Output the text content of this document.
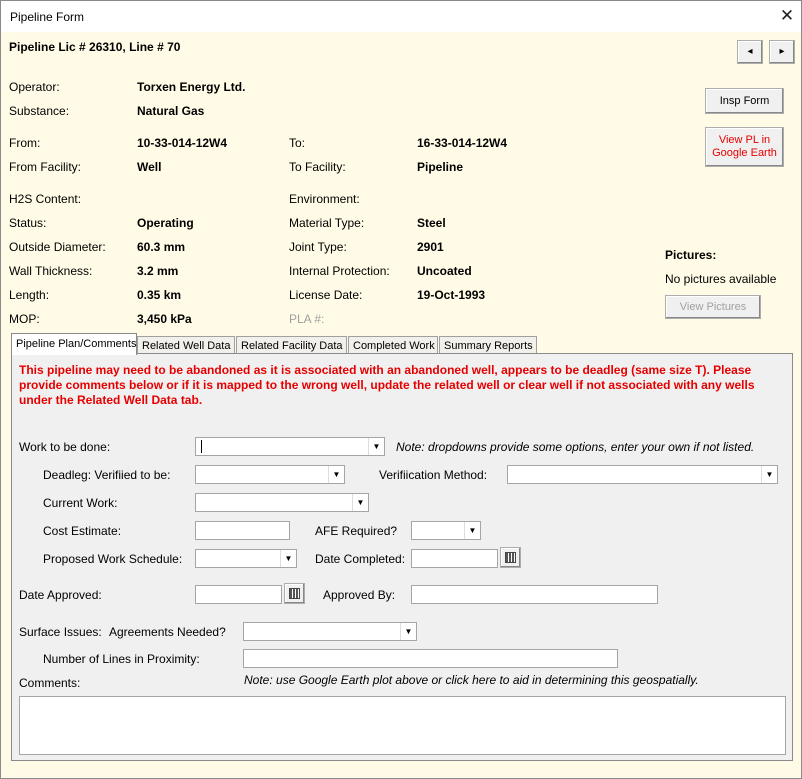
Pipeline Form	✕
Pipeline Lic # 26310, Line # 70	◂	▸
Operator:	Torxen Energy Ltd.
Substance:	Natural Gas
From:	10-33-014-12W4	To:	16-33-014-12W4
From Facility:	Well	To Facility:	Pipeline
H2S Content:	Environment:
Status:	Operating	Material Type:	Steel
Outside Diameter:	60.3 mm	Joint Type:	2901
Wall Thickness:	3.2 mm	Internal Protection: Uncoated
Length:	0.35 km	License Date:	19-Oct-1993
MOP:	3,450 kPa	PLA #:
Insp Form
View PL in
Google Earth
Pictures:
No pictures available
View Pictures
Pipeline Plan/Comments Related Well Data Related Facility Data Completed Work Summary Reports
This pipeline may need to be abandoned as it is associated with an abandoned well, appears to be deadleg (same size T). Please provide comments below or if it is mapped to the wrong well, update the related well or clear well if not associated with any wells under the Related Well Data tab.
Work to be done:	▼ Note: dropdowns provide some options, enter your own if not listed.
Deadleg: Verifiied to be:	▼	Verifiication Method:	▼
Current Work:	▼
Cost Estimate:	AFE Required?	▼
Proposed Work Schedule:	▼ Date Completed:
Date Approved:	Approved By:
Surface Issues: Agreements Needed?	▼
Number of Lines in Proximity:
Comments:	Note: use Google Earth plot above or click here to aid in determining this geospatially.
